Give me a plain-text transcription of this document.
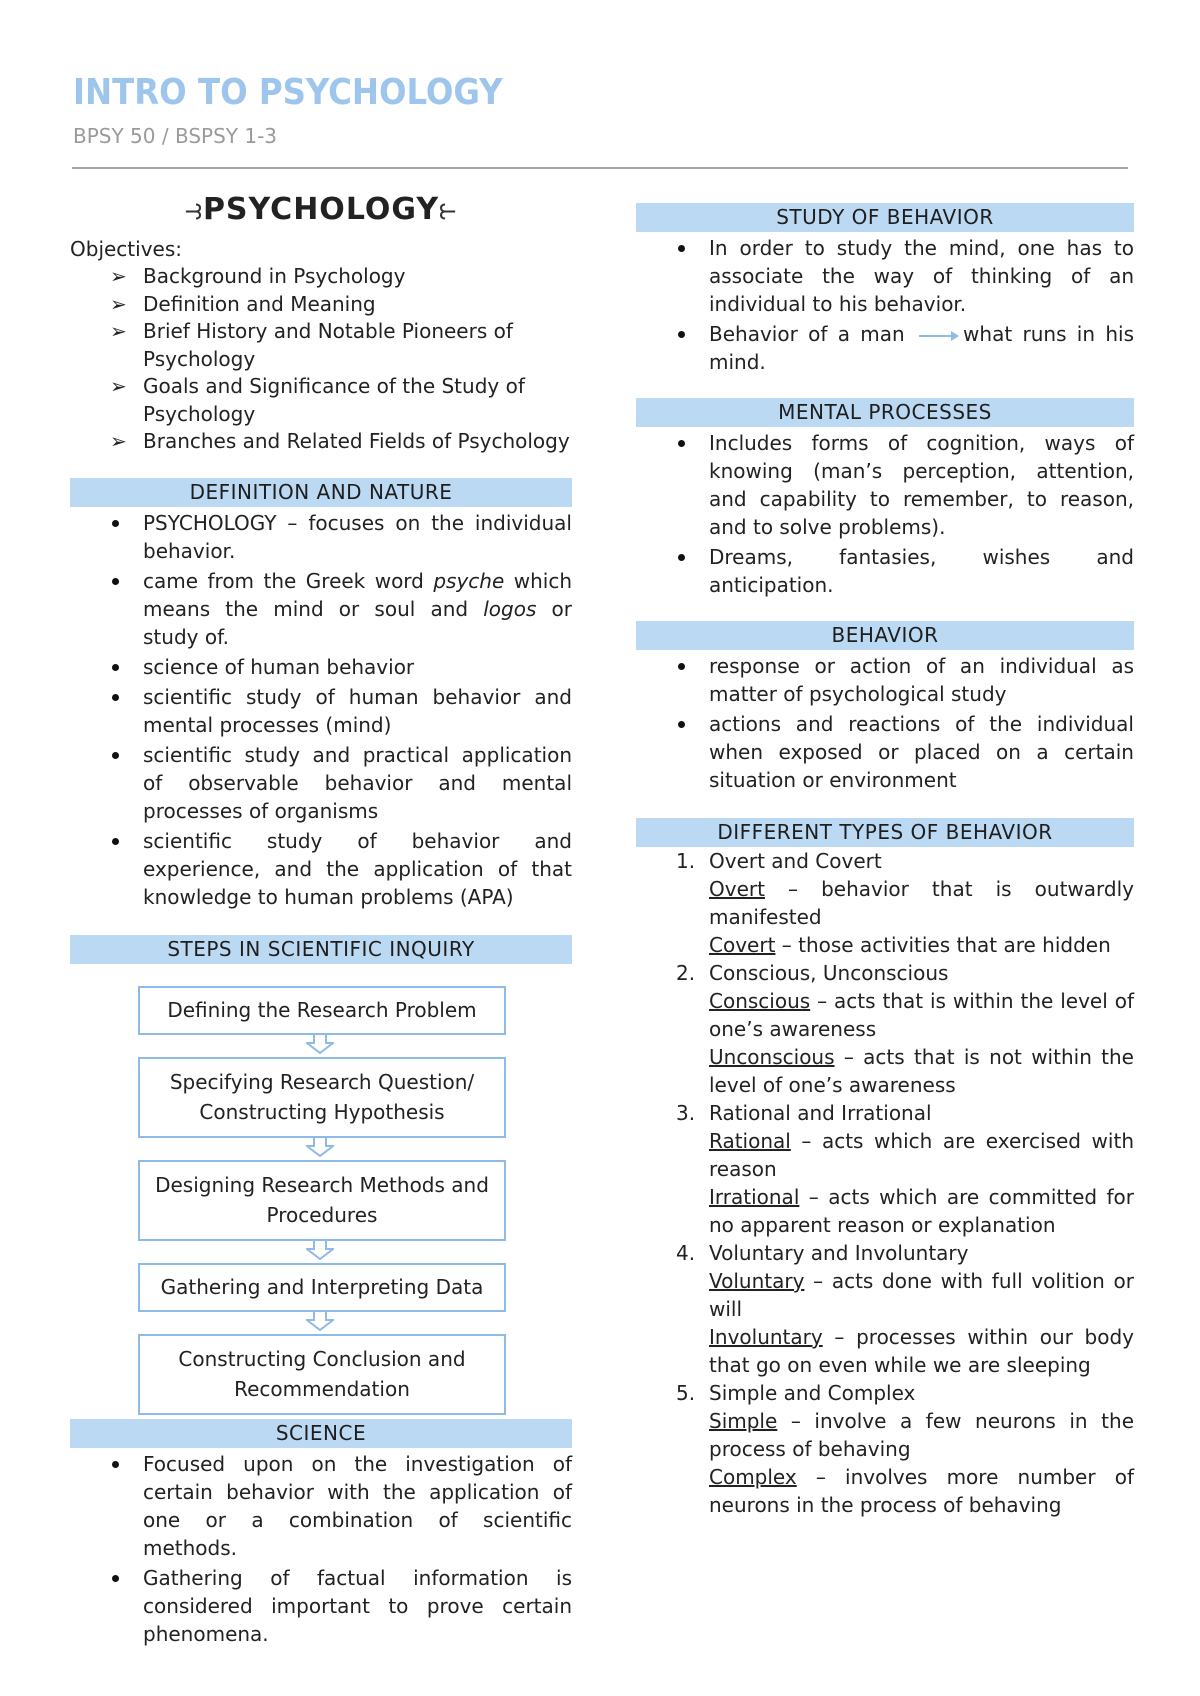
INTRO TO PSYCHOLOGY
BPSY 50 / BSPSY 1-3
⥽PSYCHOLOGY⥼
Objectives:
➢ Background in Psychology
➢ Definition and Meaning
➢ Brief History and Notable Pioneers of Psychology
➢ Goals and Significance of the Study of Psychology
➢ Branches and Related Fields of Psychology
DEFINITION AND NATURE
PSYCHOLOGY – focuses on the individual behavior.
came from the Greek word psyche which means the mind or soul and logos or study of.
science of human behavior
scientific study of human behavior and mental processes (mind)
scientific study and practical application of observable behavior and mental processes of organisms
scientific study of behavior and experience, and the application of that knowledge to human problems (APA)
STEPS IN SCIENTIFIC INQUIRY
Defining the Research Problem
Specifying Research Question/ Constructing Hypothesis
Designing Research Methods and Procedures
Gathering and Interpreting Data
Constructing Conclusion and Recommendation
SCIENCE
Focused upon on the investigation of certain behavior with the application of one or a combination of scientific methods.
Gathering of factual information is considered important to prove certain phenomena.
STUDY OF BEHAVIOR
In order to study the mind, one has to associate the way of thinking of an individual to his behavior.
Behavior of a man	what runs in his mind.
MENTAL PROCESSES
Includes forms of cognition, ways of knowing (man’s perception, attention, and capability to remember, to reason, and to solve problems).
Dreams, fantasies, wishes and anticipation.
BEHAVIOR
response or action of an individual as matter of psychological study
actions and reactions of the individual when exposed or placed on a certain situation or environment
DIFFERENT TYPES OF BEHAVIOR
1. Overt and Covert
Overt – behavior that is outwardly manifested
Covert – those activities that are hidden
2. Conscious, Unconscious
Conscious – acts that is within the level of one’s awareness
Unconscious – acts that is not within the level of one’s awareness
3. Rational and Irrational
Rational – acts which are exercised with reason
Irrational – acts which are committed for no apparent reason or explanation
4. Voluntary and Involuntary
Voluntary – acts done with full volition or will
Involuntary – processes within our body that go on even while we are sleeping
5. Simple and Complex
Simple – involve a few neurons in the process of behaving
Complex – involves more number of neurons in the process of behaving
